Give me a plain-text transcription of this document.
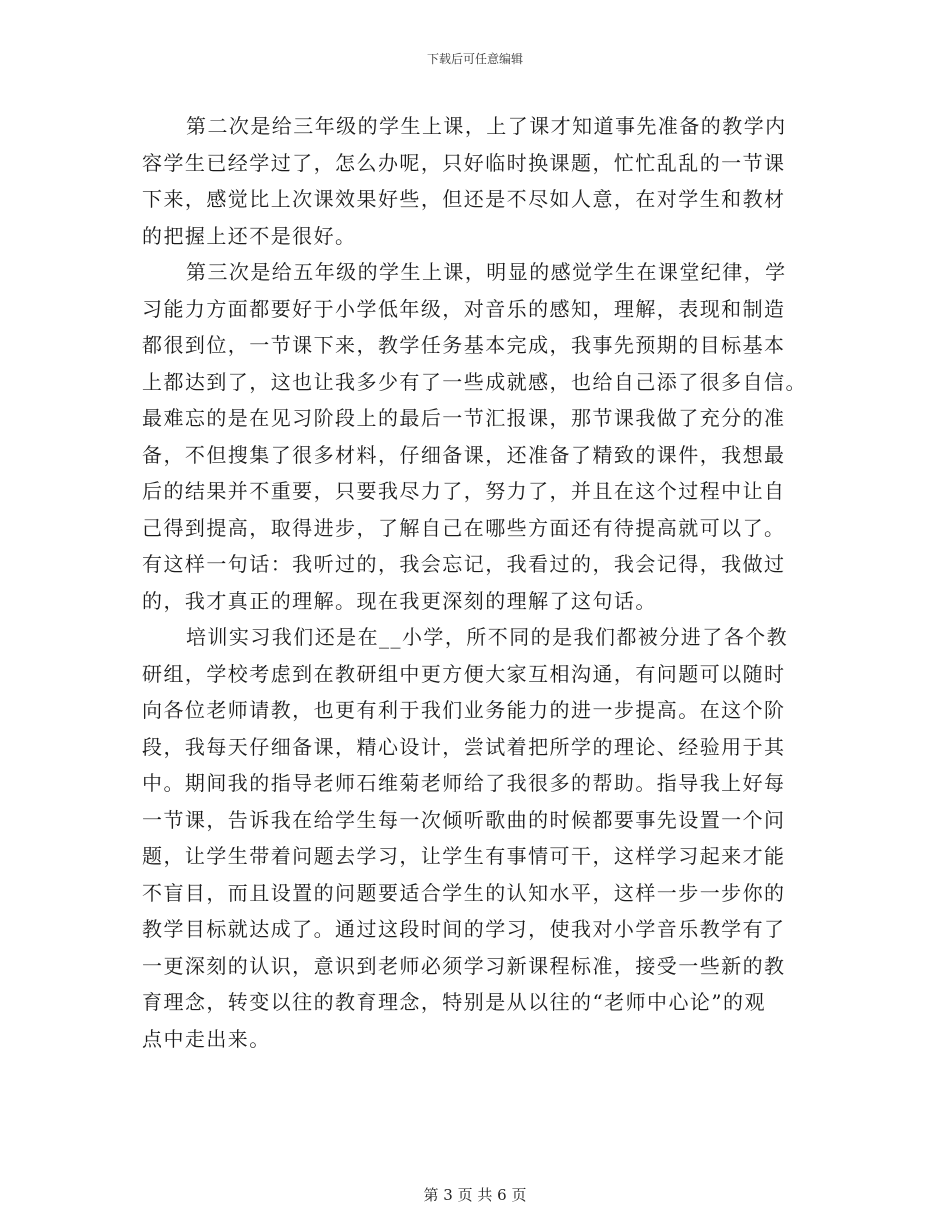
下载后可任意编辑
第二次是给三年级的学生上课，上了课才知道事先准备的教学内
容学生已经学过了，怎么办呢，只好临时换课题，忙忙乱乱的一节课
下来，感觉比上次课效果好些，但还是不尽如人意，在对学生和教材
的把握上还不是很好。
第三次是给五年级的学生上课，明显的感觉学生在课堂纪律，学
习能力方面都要好于小学低年级，对音乐的感知，理解，表现和制造
都很到位，一节课下来，教学任务基本完成，我事先预期的目标基本
上都达到了，这也让我多少有了一些成就感，也给自己添了很多自信。
最难忘的是在见习阶段上的最后一节汇报课，那节课我做了充分的准
备，不但搜集了很多材料，仔细备课，还准备了精致的课件，我想最
后的结果并不重要，只要我尽力了，努力了，并且在这个过程中让自
己得到提高，取得进步，了解自己在哪些方面还有待提高就可以了。
有这样一句话：我听过的，我会忘记，我看过的，我会记得，我做过
的，我才真正的理解。现在我更深刻的理解了这句话。
培训实习我们还是在__小学，所不同的是我们都被分进了各个教
研组，学校考虑到在教研组中更方便大家互相沟通，有问题可以随时
向各位老师请教，也更有利于我们业务能力的进一步提高。在这个阶
段，我每天仔细备课，精心设计，尝试着把所学的理论、经验用于其
中。期间我的指导老师石维菊老师给了我很多的帮助。指导我上好每
一节课，告诉我在给学生每一次倾听歌曲的时候都要事先设置一个问
题，让学生带着问题去学习，让学生有事情可干，这样学习起来才能
不盲目，而且设置的问题要适合学生的认知水平，这样一步一步你的
教学目标就达成了。通过这段时间的学习，使我对小学音乐教学有了
一更深刻的认识，意识到老师必须学习新课程标准，接受一些新的教
育理念，转变以往的教育理念，特别是从以往的“老师中心论”的观
点中走出来。
第 3 页 共 6 页
